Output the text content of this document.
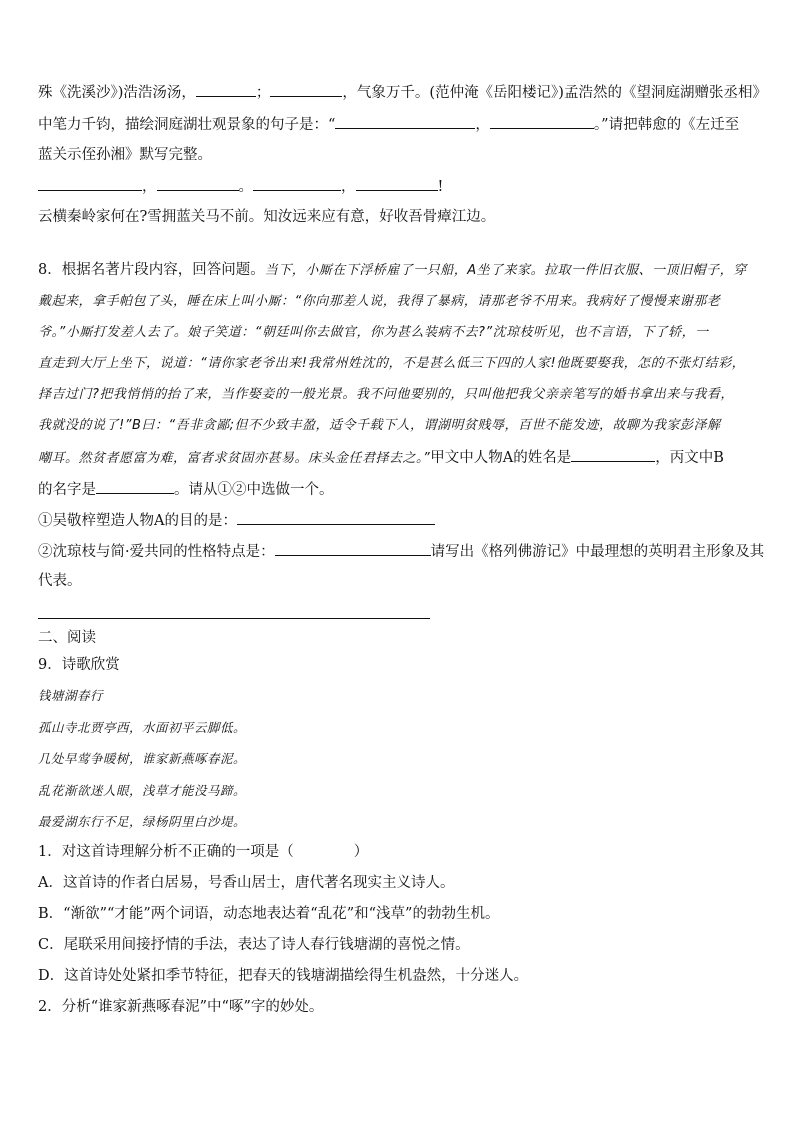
殊《洗溪沙》)浩浩汤汤，	；	，气象万千。(范仲淹《岳阳楼记》)孟浩然的《望洞庭湖赠张丞相》
中笔力千钧，描绘洞庭湖壮观景象的句子是：“	，	。”请把韩愈的《左迁至
蓝关示侄孙湘》默写完整。
，	。	，	!
云横秦岭家何在?雪拥蓝关马不前。知汝远来应有意，好收吾骨瘴江边。
8．根据名著片段内容，回答问题。当下，小厮在下浮桥雇了一只船，A坐了来家。拉取一件旧衣服、一顶旧帽子，穿
戴起来，拿手帕包了头，睡在床上叫小厮：“你向那差人说，我得了暴病，请那老爷不用来。我病好了慢慢来谢那老
爷。”小厮打发差人去了。娘子笑道：“朝廷叫你去做官，你为甚么装病不去?”沈琼枝听见，也不言语，下了轿，一
直走到大厅上坐下，说道：“请你家老爷出来!我常州姓沈的，不是甚么低三下四的人家!他既要娶我，怎的不张灯结彩，
择吉过门?把我悄悄的抬了来，当作娶妾的一般光景。我不问他要别的，只叫他把我父亲亲笔写的婚书拿出来与我看，
我就没的说了!”B曰：“吾非贪鄙;但不少致丰盈，适令千载下人，谓湖明贫贱辱，百世不能发迹，故聊为我家彭泽解
嘲耳。然贫者愿富为难，富者求贫固亦甚易。床头金任君择去之。”甲文中人物A的姓名是	，丙文中B
的名字是	。请从①②中选做一个。
①吴敬梓塑造人物A的目的是：
②沈琼枝与简·爱共同的性格特点是：	请写出《格列佛游记》中最理想的英明君主形象及其
代表。
二、阅读
9．诗歌欣赏
钱塘湖春行
孤山寺北贾亭西，水面初平云脚低。
几处早莺争暖树，谁家新燕啄春泥。
乱花渐欲迷人眼，浅草才能没马蹄。
最爱湖东行不足，绿杨阴里白沙堤。
1．对这首诗理解分析不正确的一项是（	）
A．这首诗的作者白居易，号香山居士，唐代著名现实主义诗人。
B．“渐欲”“才能”两个词语，动态地表达着“乱花”和“浅草”的勃勃生机。
C．尾联采用间接抒情的手法，表达了诗人春行钱塘湖的喜悦之情。
D．这首诗处处紧扣季节特征，把春天的钱塘湖描绘得生机盎然，十分迷人。
2．分析“谁家新燕啄春泥”中“啄”字的妙处。
